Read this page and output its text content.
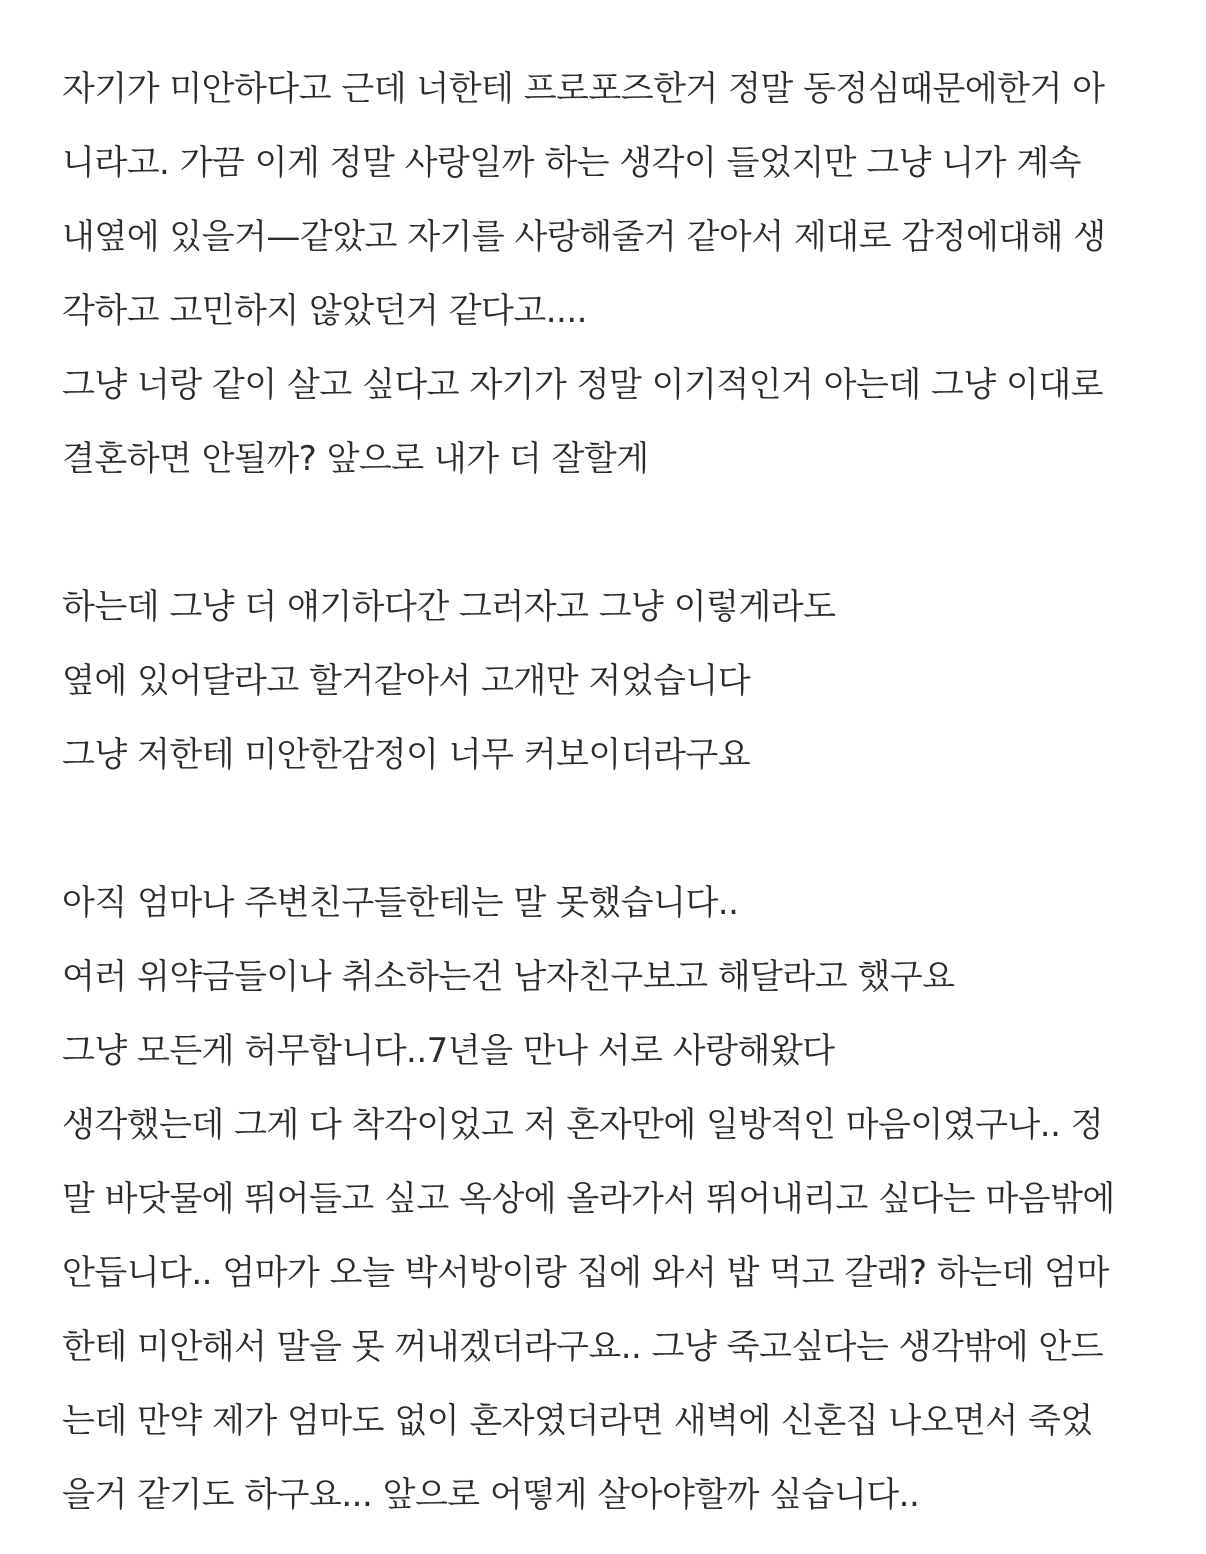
자기가 미안하다고 근데 너한테 프로포즈한거 정말 동정심때문에한거 아
니라고. 가끔 이게 정말 사랑일까 하는 생각이 들었지만 그냥 니가 계속
내옆에 있을거—같았고 자기를 사랑해줄거 같아서 제대로 감정에대해 생
각하고 고민하지 않았던거 같다고....
그냥 너랑 같이 살고 싶다고 자기가 정말 이기적인거 아는데 그냥 이대로
결혼하면 안될까? 앞으로 내가 더 잘할게
하는데 그냥 더 얘기하다간 그러자고 그냥 이렇게라도
옆에 있어달라고 할거같아서 고개만 저었습니다
그냥 저한테 미안한감정이 너무 커보이더라구요
아직 엄마나 주변친구들한테는 말 못했습니다..
여러 위약금들이나 취소하는건 남자친구보고 해달라고 했구요
그냥 모든게 허무합니다..7년을 만나 서로 사랑해왔다
생각했는데 그게 다 착각이었고 저 혼자만에 일방적인 마음이였구나.. 정
말 바닷물에 뛰어들고 싶고 옥상에 올라가서 뛰어내리고 싶다는 마음밖에
안듭니다.. 엄마가 오늘 박서방이랑 집에 와서 밥 먹고 갈래? 하는데 엄마
한테 미안해서 말을 못 꺼내겠더라구요.. 그냥 죽고싶다는 생각밖에 안드
는데 만약 제가 엄마도 없이 혼자였더라면 새벽에 신혼집 나오면서 죽었
을거 같기도 하구요... 앞으로 어떻게 살아야할까 싶습니다..
